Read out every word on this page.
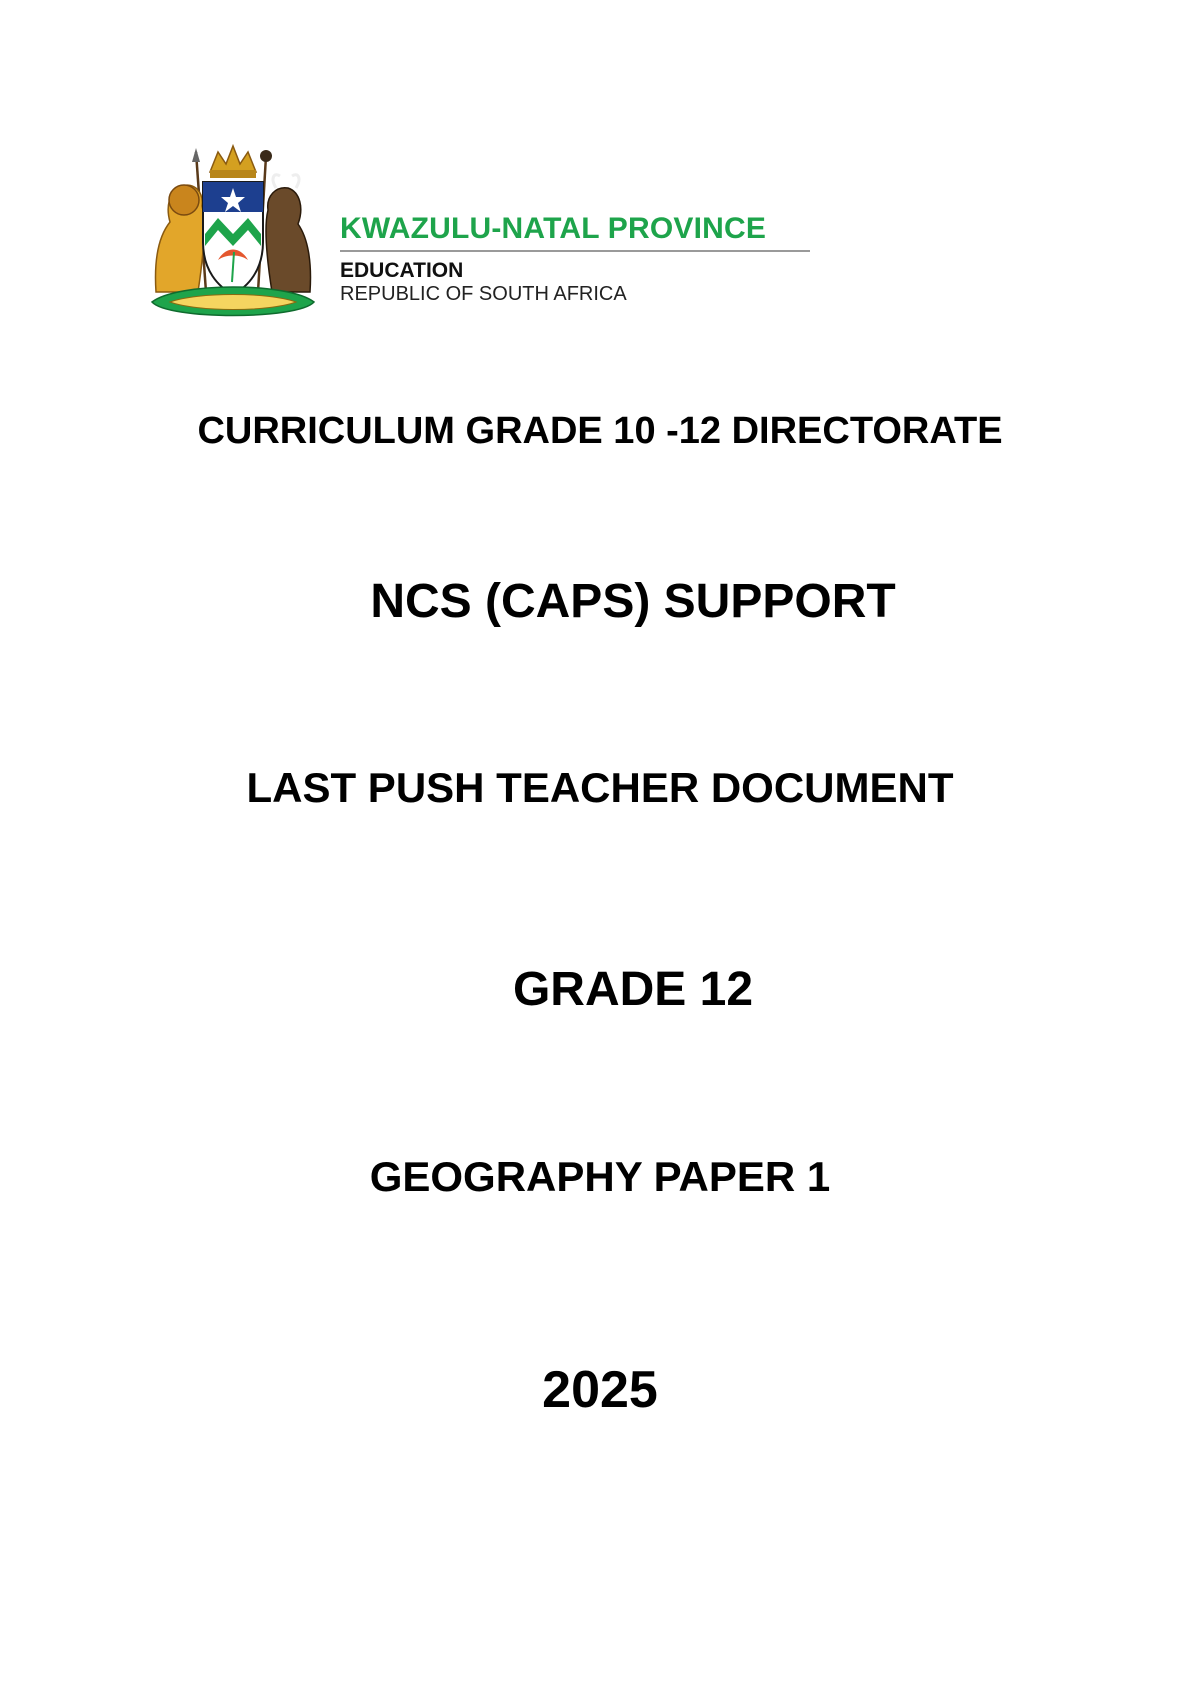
KWAZULU-NATAL PROVINCE
EDUCATION
REPUBLIC OF SOUTH AFRICA
CURRICULUM GRADE 10 -12 DIRECTORATE
NCS (CAPS) SUPPORT
LAST PUSH TEACHER DOCUMENT
GRADE 12
GEOGRAPHY PAPER 1
2025
